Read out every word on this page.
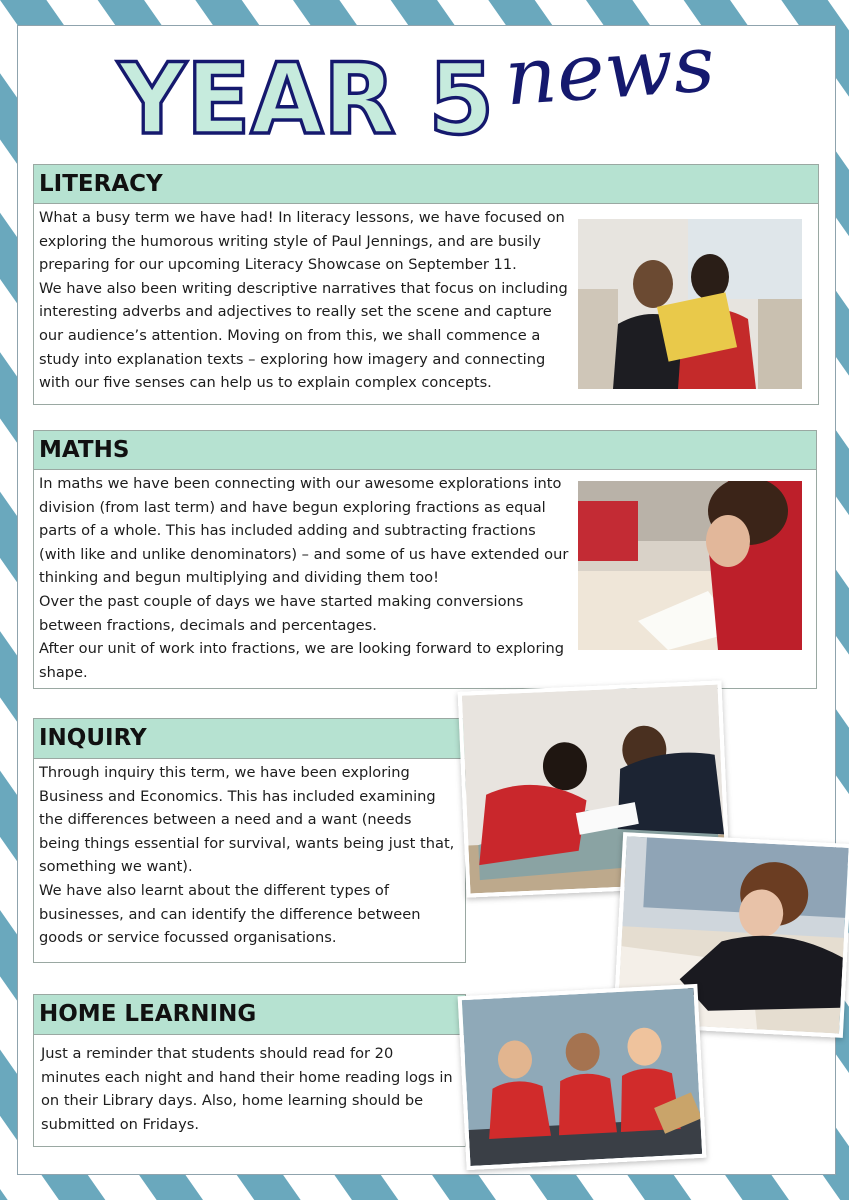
YEAR 5 news
LITERACY

What a busy term we have had! In literacy lessons, we have focused on
exploring the humorous writing style of Paul Jennings, and are busily
preparing for our upcoming Literacy Showcase on September 11.

We have also been writing descriptive narratives that focus on including
interesting adverbs and adjectives to really set the scene and capture
our audience’s attention. Moving on from this, we shall commence a
study into explanation texts – exploring how imagery and connecting
with our five senses can help us to explain complex concepts.

MATHS

In maths we have been connecting with our awesome explorations into
division (from last term) and have begun exploring fractions as equal
parts of a whole. This has included adding and subtracting fractions
(with like and unlike denominators) – and some of us have extended our
thinking and begun multiplying and dividing them too!

Over the past couple of days we have started making conversions
between fractions, decimals and percentages.

After our unit of work into fractions, we are looking forward to exploring
shape.

INQUIRY

Through inquiry this term, we have been exploring
Business and Economics. This has included examining
the differences between a need and a want (needs
being things essential for survival, wants being just that,
something we want).

We have also learnt about the different types of
businesses, and can identify the difference between
goods or service focussed organisations.

HOME LEARNING

Just a reminder that students should read for 20
minutes each night and hand their home reading logs in
on their Library days. Also, home learning should be
submitted on Fridays.
